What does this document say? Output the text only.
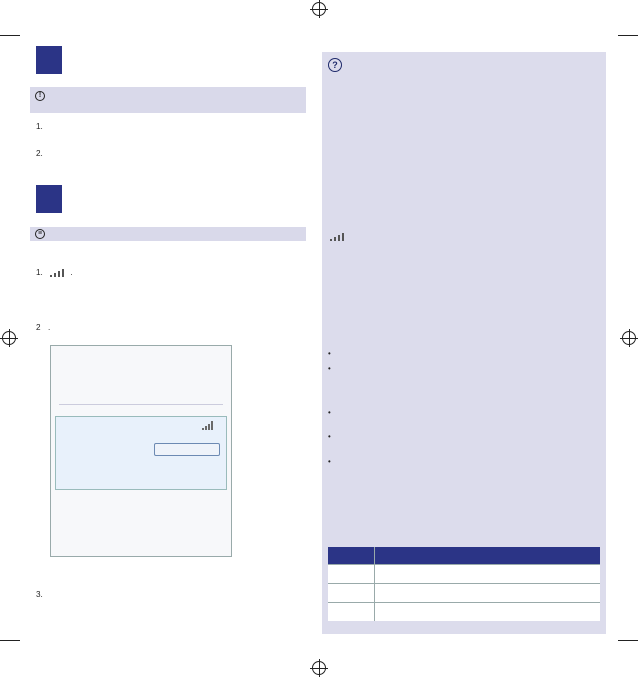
!
1.
2.
≡
1.	.
2 .
3.
?
